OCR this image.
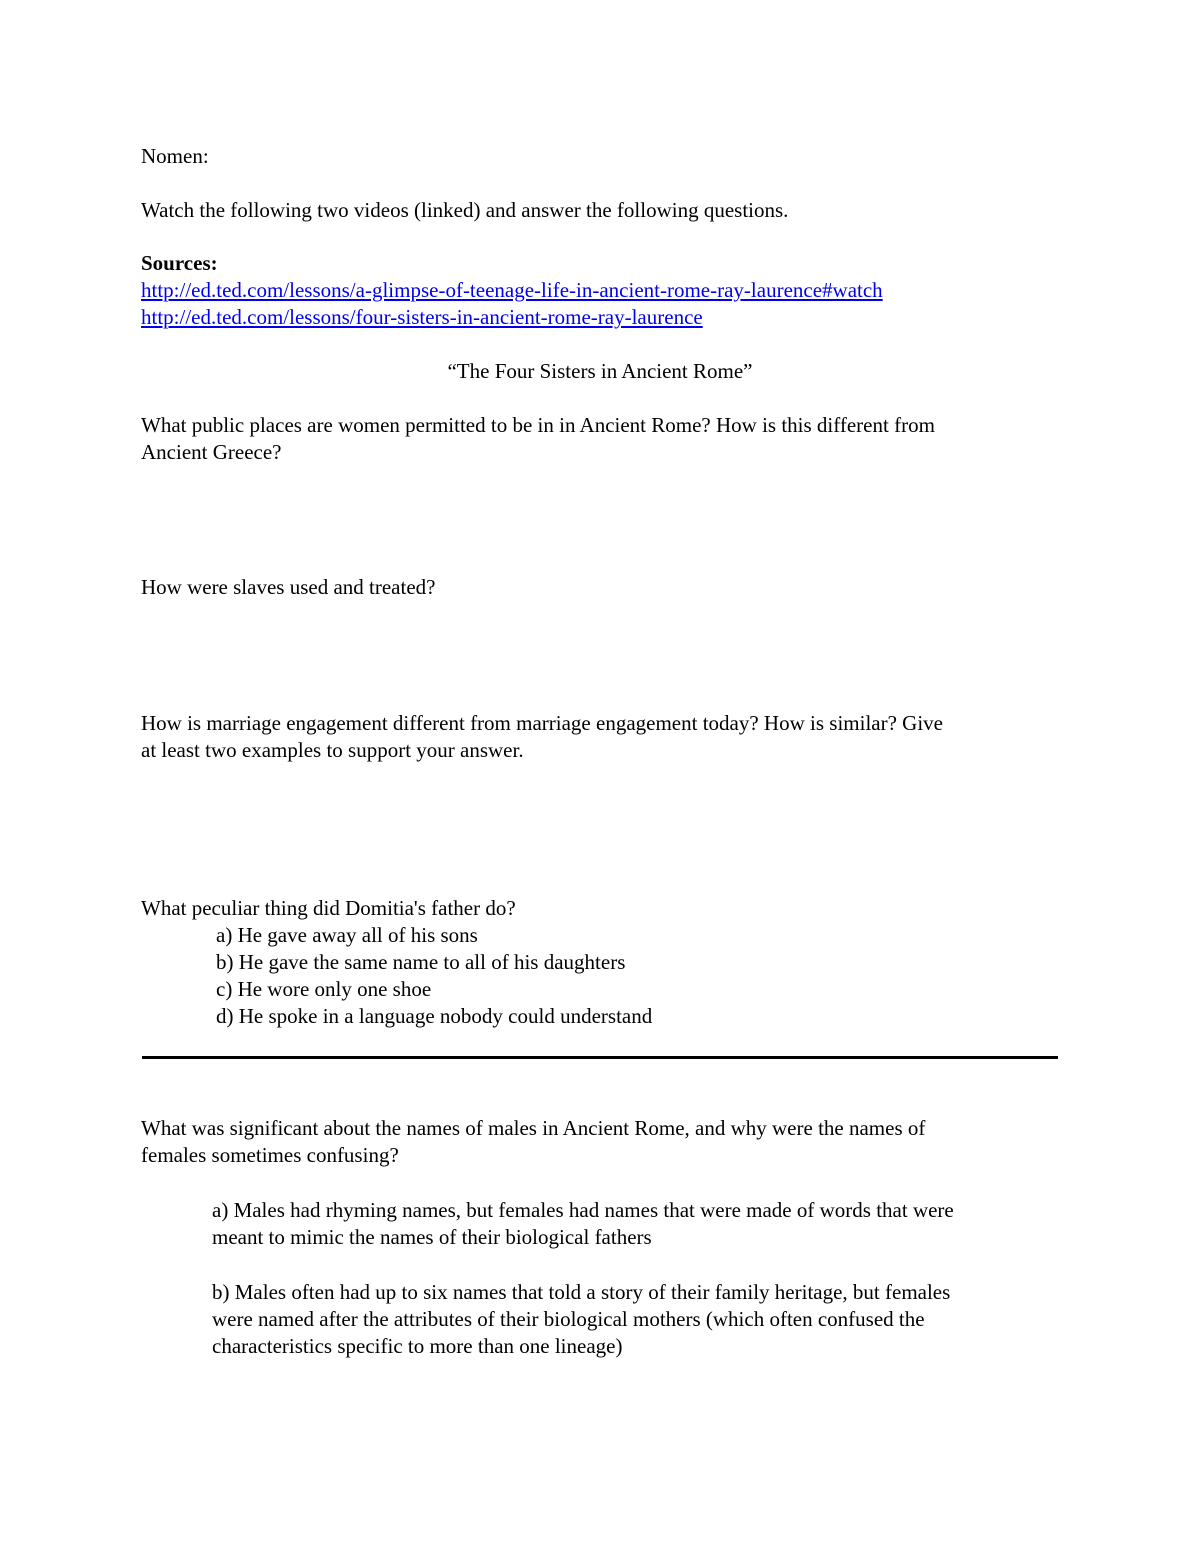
Nomen:
Watch the following two videos (linked) and answer the following questions.
Sources:
http://ed.ted.com/lessons/a-glimpse-of-teenage-life-in-ancient-rome-ray-laurence#watch
http://ed.ted.com/lessons/four-sisters-in-ancient-rome-ray-laurence
“The Four Sisters in Ancient Rome”
What public places are women permitted to be in in Ancient Rome? How is this different from
Ancient Greece?
How were slaves used and treated?
How is marriage engagement different from marriage engagement today? How is similar? Give
at least two examples to support your answer.
What peculiar thing did Domitia's father do?
a) He gave away all of his sons
b) He gave the same name to all of his daughters
c) He wore only one shoe
d) He spoke in a language nobody could understand
What was significant about the names of males in Ancient Rome, and why were the names of
females sometimes confusing?
a) Males had rhyming names, but females had names that were made of words that were
meant to mimic the names of their biological fathers
b) Males often had up to six names that told a story of their family heritage, but females
were named after the attributes of their biological mothers (which often confused the
characteristics specific to more than one lineage)
